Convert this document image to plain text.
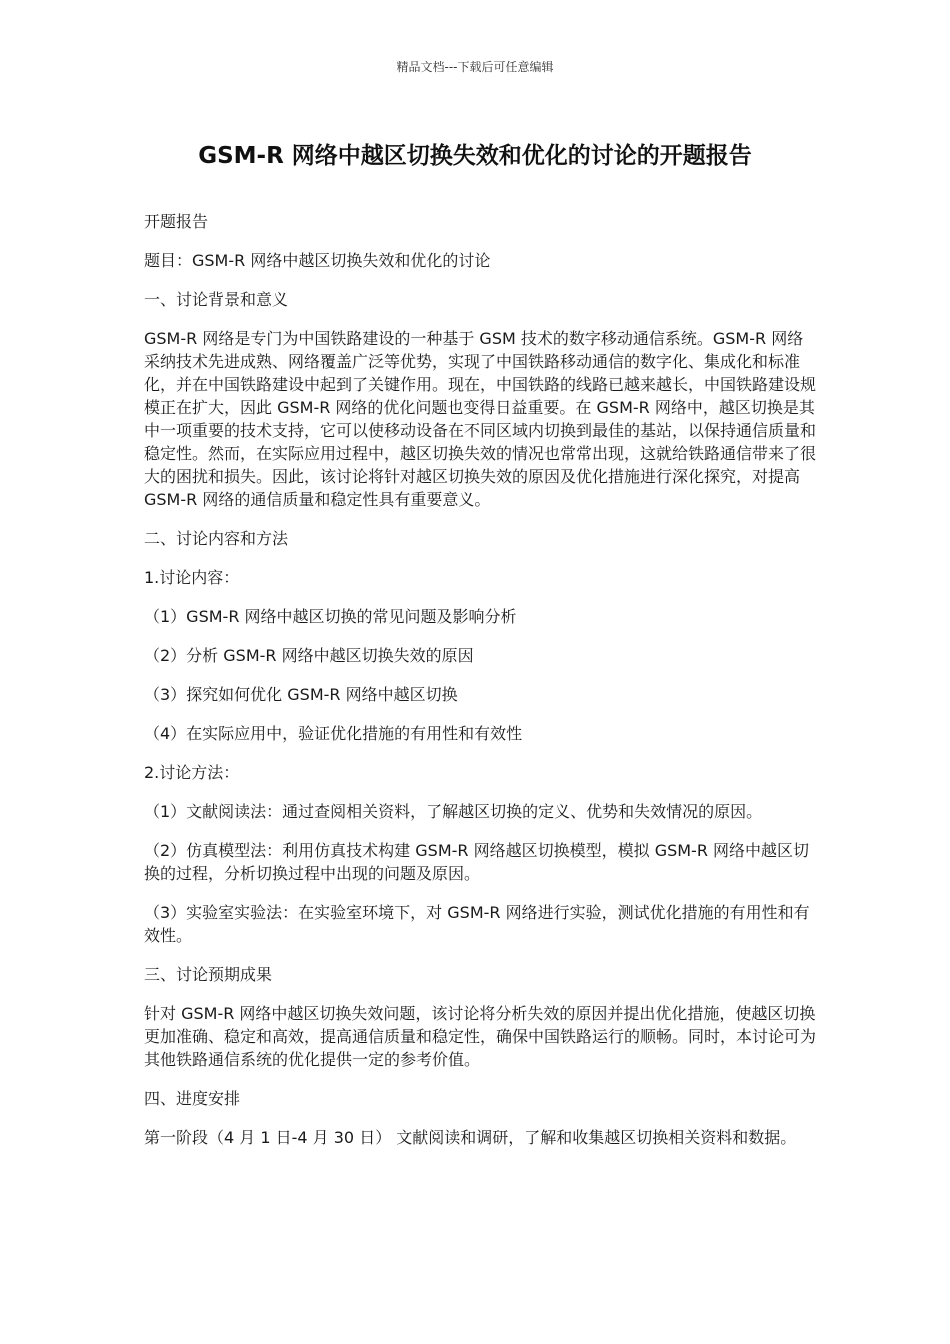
精品文档---下载后可任意编辑
GSM-R 网络中越区切换失效和优化的讨论的开题报告

开题报告

题目：GSM-R 网络中越区切换失效和优化的讨论

一、讨论背景和意义

GSM-R 网络是专门为中国铁路建设的一种基于 GSM 技术的数字移动通信系统。GSM-R 网络采纳技术先进成熟、网络覆盖广泛等优势，实现了中国铁路移动通信的数字化、集成化和标准化，并在中国铁路建设中起到了关键作用。现在，中国铁路的线路已越来越长，中国铁路建设规模正在扩大，因此 GSM-R 网络的优化问题也变得日益重要。在 GSM-R 网络中，越区切换是其中一项重要的技术支持，它可以使移动设备在不同区域内切换到最佳的基站，以保持通信质量和稳定性。然而，在实际应用过程中，越区切换失效的情况也常常出现，这就给铁路通信带来了很大的困扰和损失。因此，该讨论将针对越区切换失效的原因及优化措施进行深化探究，对提高 GSM-R 网络的通信质量和稳定性具有重要意义。

二、讨论内容和方法

1.讨论内容：

（1）GSM-R 网络中越区切换的常见问题及影响分析

（2）分析 GSM-R 网络中越区切换失效的原因

（3）探究如何优化 GSM-R 网络中越区切换

（4）在实际应用中，验证优化措施的有用性和有效性

2.讨论方法：

（1）文献阅读法：通过查阅相关资料，了解越区切换的定义、优势和失效情况的原因。

（2）仿真模型法：利用仿真技术构建 GSM-R 网络越区切换模型，模拟 GSM-R 网络中越区切换的过程，分析切换过程中出现的问题及原因。

（3）实验室实验法：在实验室环境下，对 GSM-R 网络进行实验，测试优化措施的有用性和有效性。

三、讨论预期成果

针对 GSM-R 网络中越区切换失效问题，该讨论将分析失效的原因并提出优化措施，使越区切换更加准确、稳定和高效，提高通信质量和稳定性，确保中国铁路运行的顺畅。同时，本讨论可为其他铁路通信系统的优化提供一定的参考价值。

四、进度安排

第一阶段（4 月 1 日-4 月 30 日） 文献阅读和调研，了解和收集越区切换相关资料和数据。
